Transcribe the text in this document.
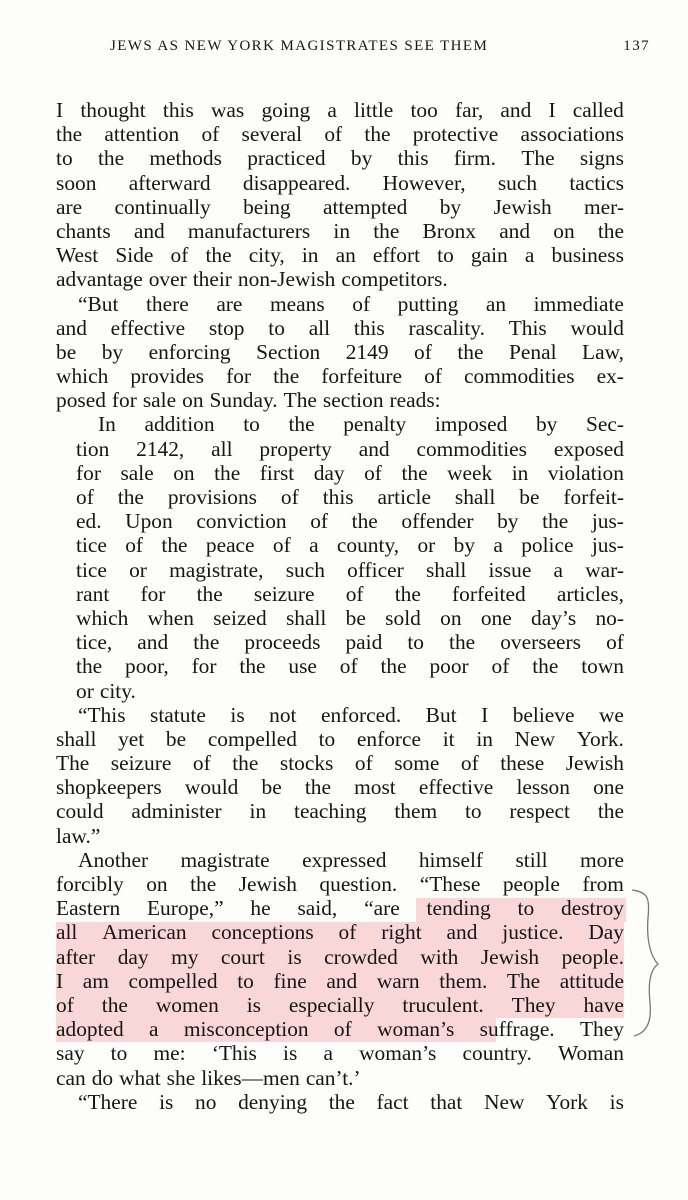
JEWS AS NEW YORK MAGISTRATES SEE THEM	137
I thought this was going a little too far, and I called
the attention of several of the protective associations
to the methods practiced by this firm. The signs
soon afterward disappeared. However, such tactics
are continually being attempted by Jewish mer-
chants and manufacturers in the Bronx and on the
West Side of the city, in an effort to gain a business
advantage over their non-Jewish competitors.
“But there are means of putting an immediate
and effective stop to all this rascality. This would
be by enforcing Section 2149 of the Penal Law,
which provides for the forfeiture of commodities ex-
posed for sale on Sunday. The section reads:
In addition to the penalty imposed by Sec-
tion 2142, all property and commodities exposed
for sale on the first day of the week in violation
of the provisions of this article shall be forfeit-
ed. Upon conviction of the offender by the jus-
tice of the peace of a county, or by a police jus-
tice or magistrate, such officer shall issue a war-
rant for the seizure of the forfeited articles,
which when seized shall be sold on one day’s no-
tice, and the proceeds paid to the overseers of
the poor, for the use of the poor of the town
or city.
“This statute is not enforced. But I believe we
shall yet be compelled to enforce it in New York.
The seizure of the stocks of some of these Jewish
shopkeepers would be the most effective lesson one
could administer in teaching them to respect the
law.”
Another magistrate expressed himself still more
forcibly on the Jewish question. “These people from
Eastern Europe,” he said, “are tending to destroy
all American conceptions of right and justice. Day
after day my court is crowded with Jewish people.
I am compelled to fine and warn them. The attitude
of the women is especially truculent. They have
adopted a misconception of woman’s suffrage. They
say to me: ‘This is a woman’s country. Woman
can do what she likes—men can’t.’
“There is no denying the fact that New York is
